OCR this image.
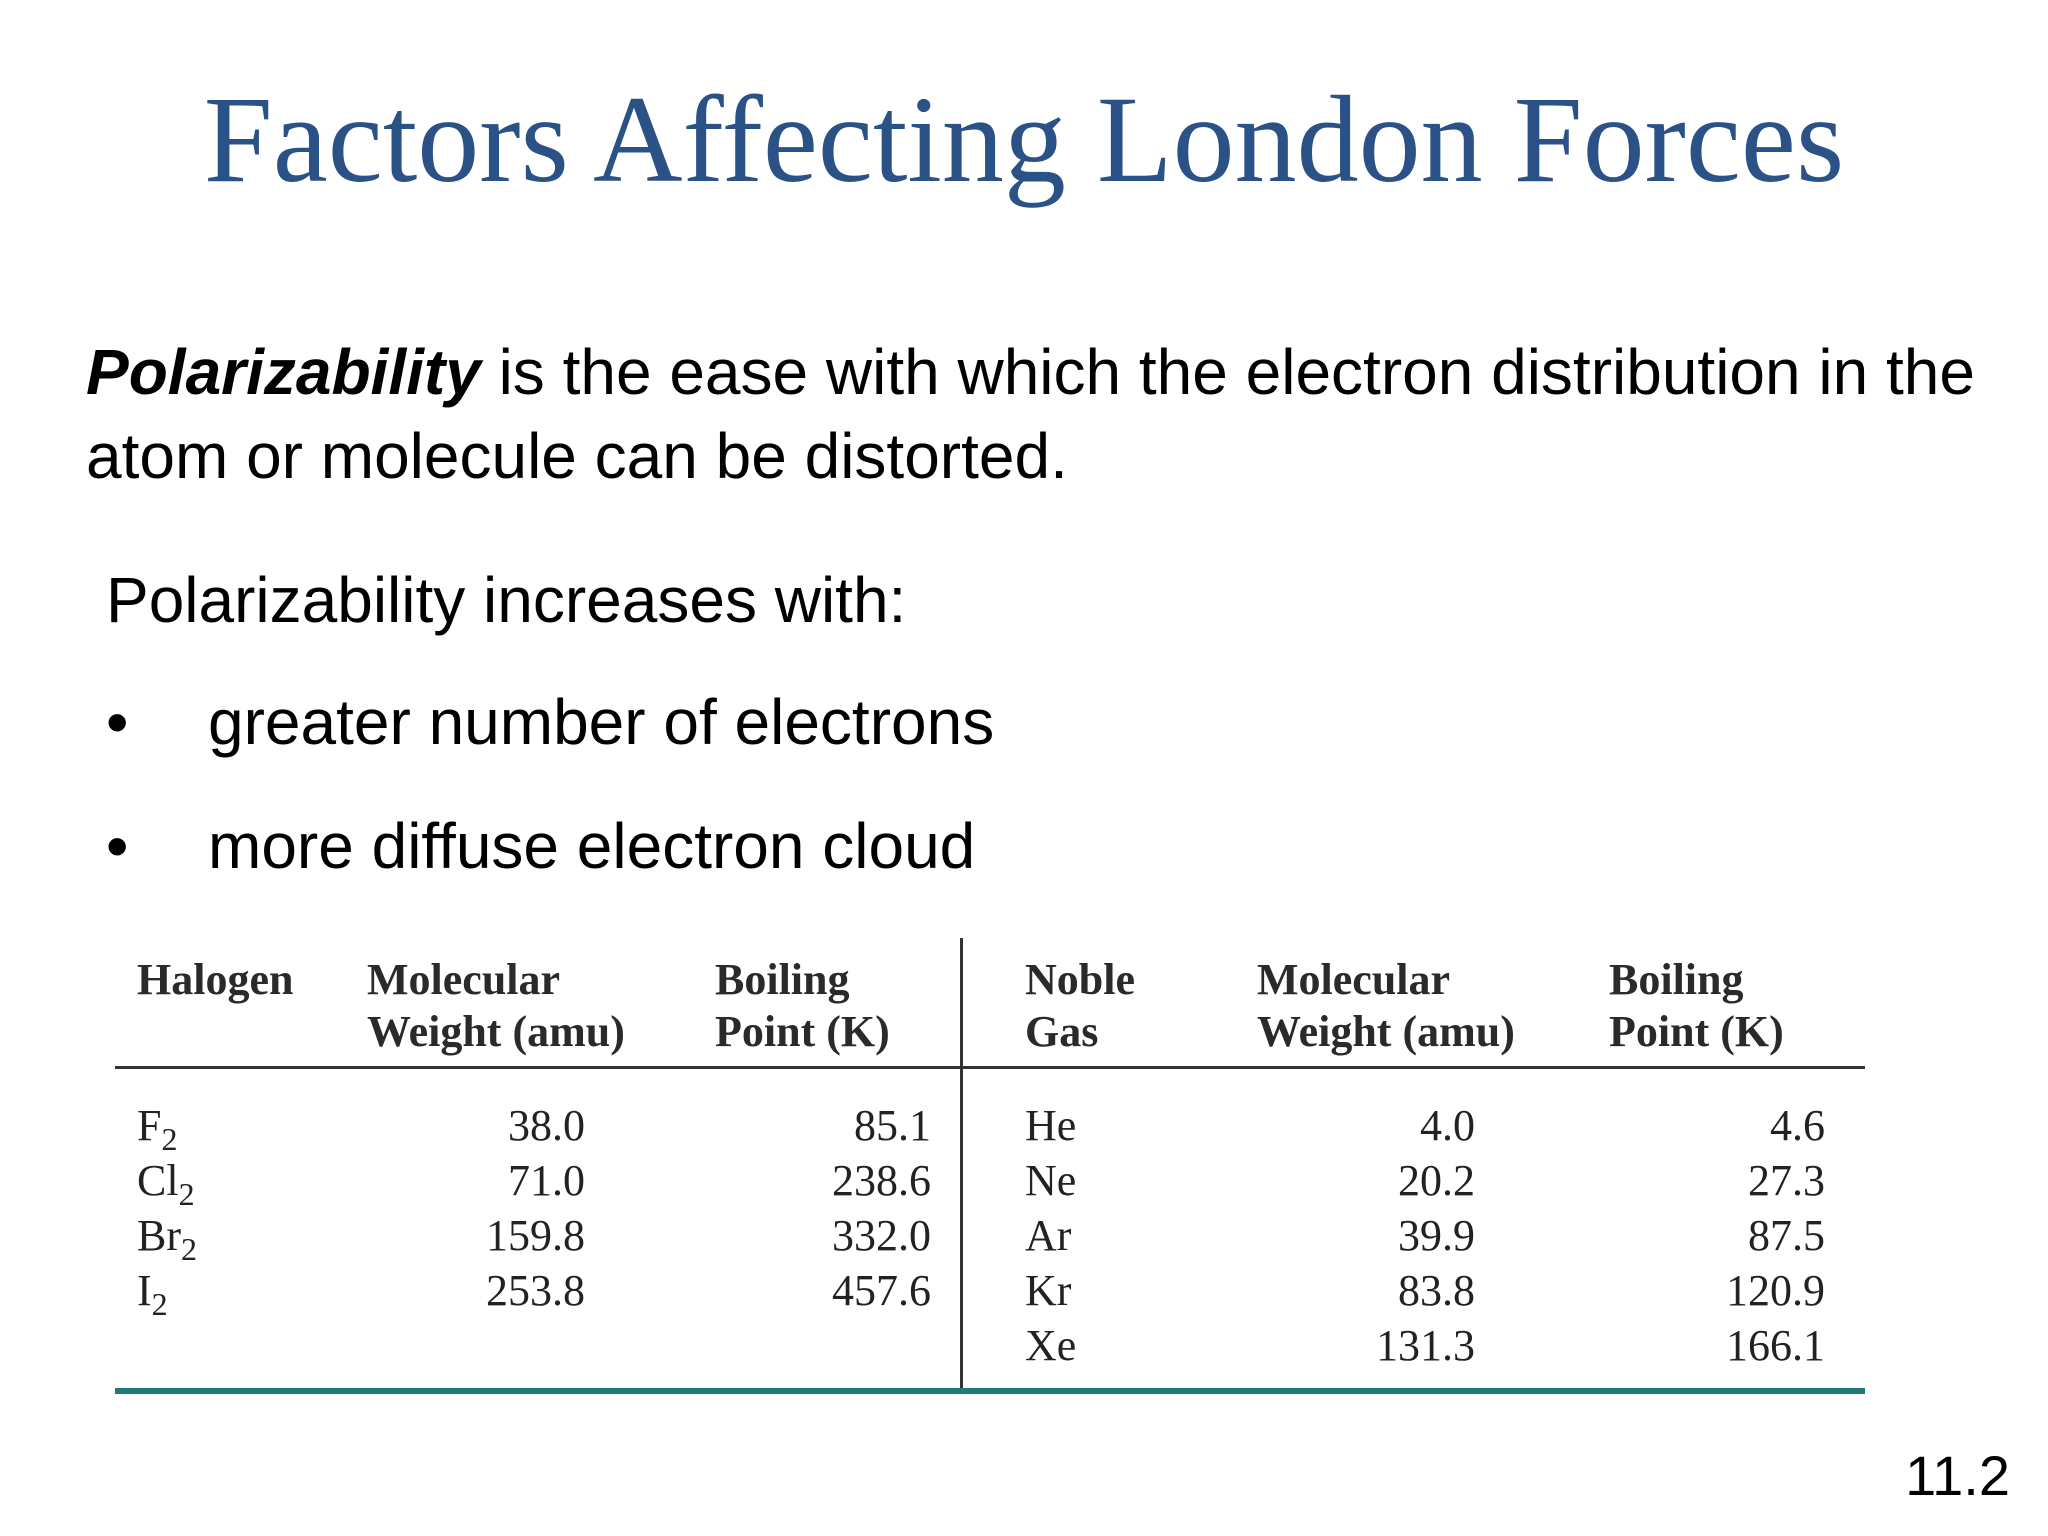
Factors Affecting London Forces
Polarizability is the ease with which the electron distribution in the atom or molecule can be distorted.
Polarizability increases with:
• greater number of electrons
• more diffuse electron cloud
Halogen Molecular
Weight (amu)
Boiling
Point (K)
Noble
Gas
Molecular
Weight (amu)
Boiling
Point (K)
$F_2$
$Cl_2$
$Br_2$
$I_2$
38.0
71.0
159.8
253.8
85.1
238.6
332.0
457.6
He
Ne
Ar
Kr
Xe
4.0
20.2
39.9
83.8
131.3
4.6
27.3
87.5
120.9
166.1
11.2
